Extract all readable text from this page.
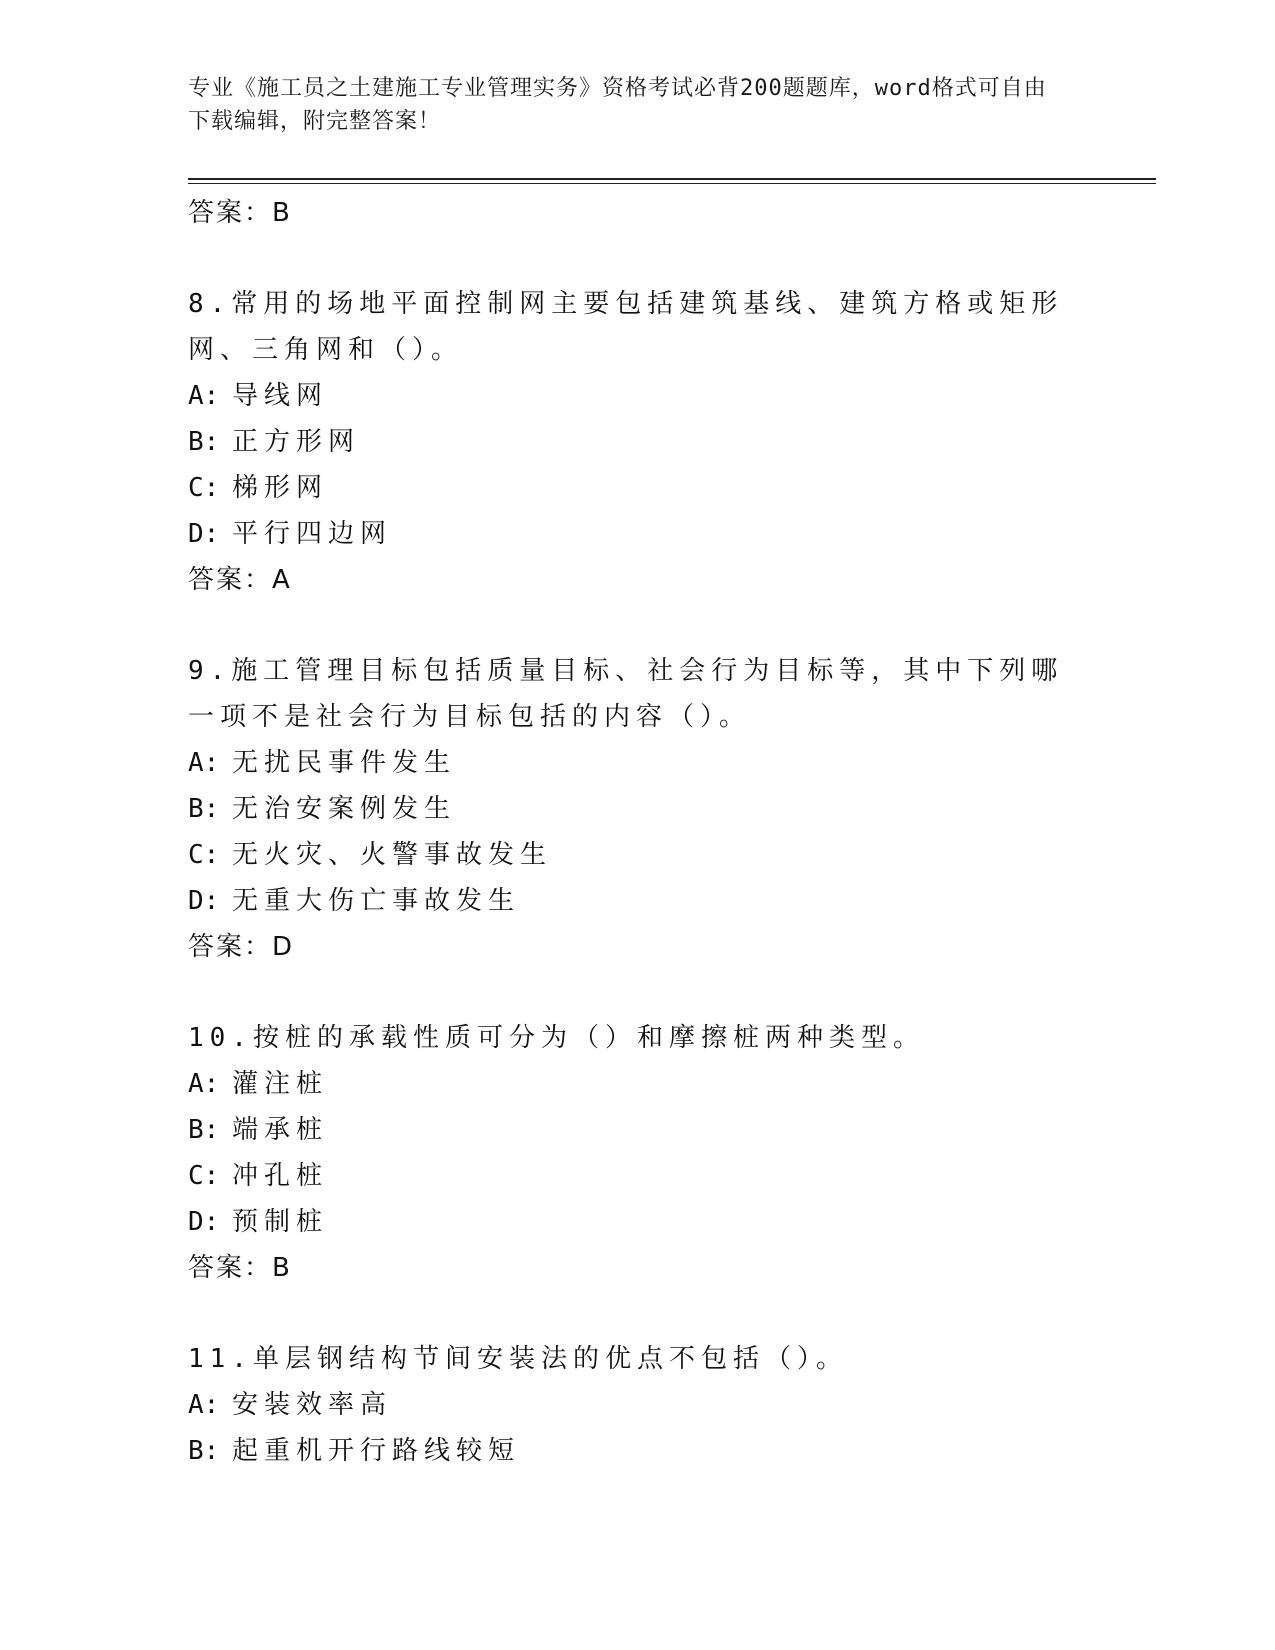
专业《施工员之土建施工专业管理实务》资格考试必背200题题库，word格式可自由下载编辑，附完整答案！
答案：B
8.常用的场地平面控制网主要包括建筑基线、建筑方格或矩形网、三角网和（）。
A: 导线网
B: 正方形网
C: 梯形网
D: 平行四边网
答案：A
9.施工管理目标包括质量目标、社会行为目标等，其中下列哪一项不是社会行为目标包括的内容（）。
A: 无扰民事件发生
B: 无治安案例发生
C: 无火灾、火警事故发生
D: 无重大伤亡事故发生
答案：D
10.按桩的承载性质可分为（）和摩擦桩两种类型。
A: 灌注桩
B: 端承桩
C: 冲孔桩
D: 预制桩
答案：B
11.单层钢结构节间安装法的优点不包括（）。
A: 安装效率高
B: 起重机开行路线较短
